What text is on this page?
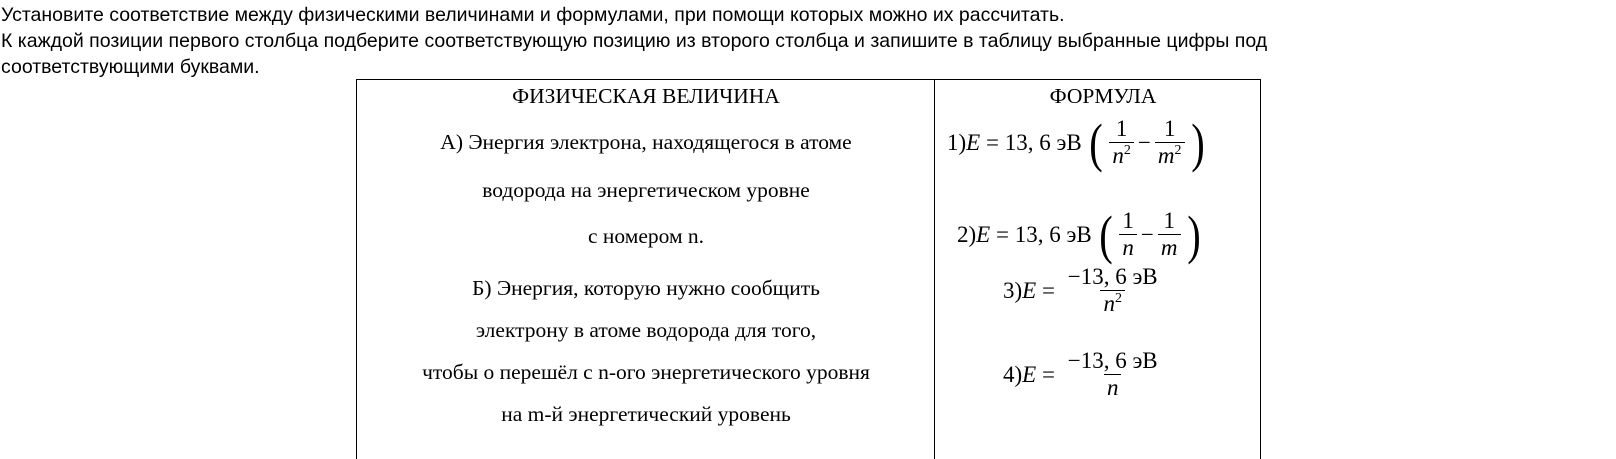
Установите соответствие между физическими величинами и формулами, при помощи которых можно их рассчитать.
К каждой позиции первого столбца подберите соответствующую позицию из второго столбца и запишите в таблицу выбранные цифры под
соответствующими буквами.
ФИЗИЧЕСКАЯ ВЕЛИЧИНА	ФОРМУЛА
А) Энергия электрона, находящегося в атоме
водорода на энергетическом уровне
с номером n.
Б) Энергия, которую нужно сообщить
электрону в атоме водорода для того,
чтобы о перешёл с n-ого энергетического уровня
на m-й энергетический уровень
1) E = 13, 6 эВ ( $\frac{1}{n^2} - \frac{1}{m^2}$ )
2) E = 13, 6 эВ ( $\frac{1}{n} - \frac{1}{m}$ )
3) $E = \frac{-13, 6 эВ}{n^2}$
4) $E = \frac{-13, 6 эВ}{n}$
